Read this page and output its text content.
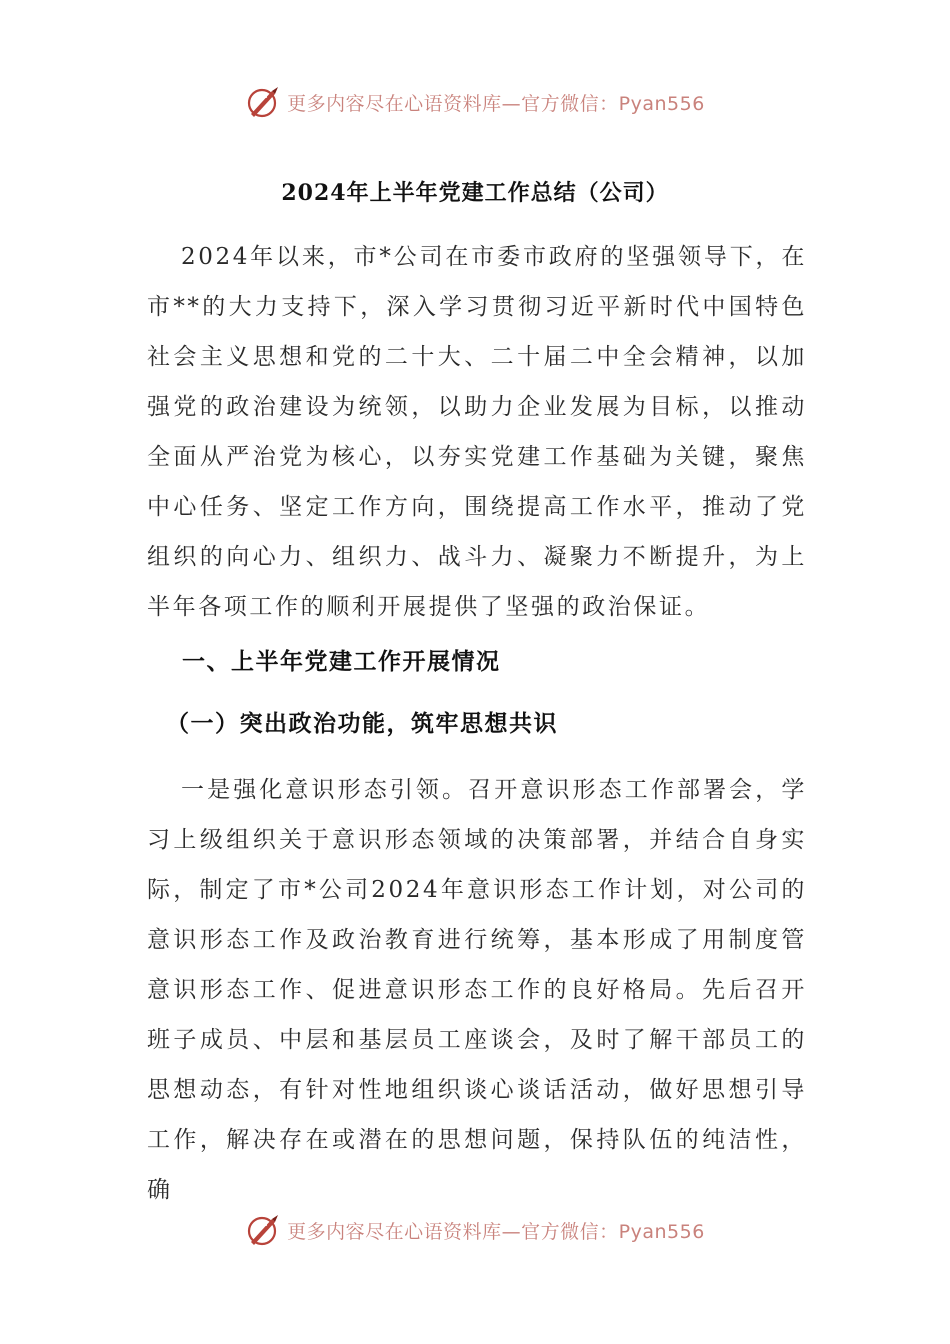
更多内容尽在心语资料库—官方微信：Pyan556
2024年上半年党建工作总结（公司）
2024年以来，市*公司在市委市政府的坚强领导下，在市**的大力支持下，深入学习贯彻习近平新时代中国特色社会主义思想和党的二十大、二十届二中全会精神，以加强党的政治建设为统领，以助力企业发展为目标，以推动全面从严治党为核心，以夯实党建工作基础为关键，聚焦中心任务、坚定工作方向，围绕提高工作水平，推动了党组织的向心力、组织力、战斗力、凝聚力不断提升，为上半年各项工作的顺利开展提供了坚强的政治保证。
一、上半年党建工作开展情况
（一）突出政治功能，筑牢思想共识
一是强化意识形态引领。召开意识形态工作部署会，学习上级组织关于意识形态领域的决策部署，并结合自身实际，制定了市*公司2024年意识形态工作计划，对公司的意识形态工作及政治教育进行统筹，基本形成了用制度管意识形态工作、促进意识形态工作的良好格局。先后召开班子成员、中层和基层员工座谈会，及时了解干部员工的思想动态，有针对性地组织谈心谈话活动，做好思想引导工作，解决存在或潜在的思想问题，保持队伍的纯洁性，确
更多内容尽在心语资料库—官方微信：Pyan556
